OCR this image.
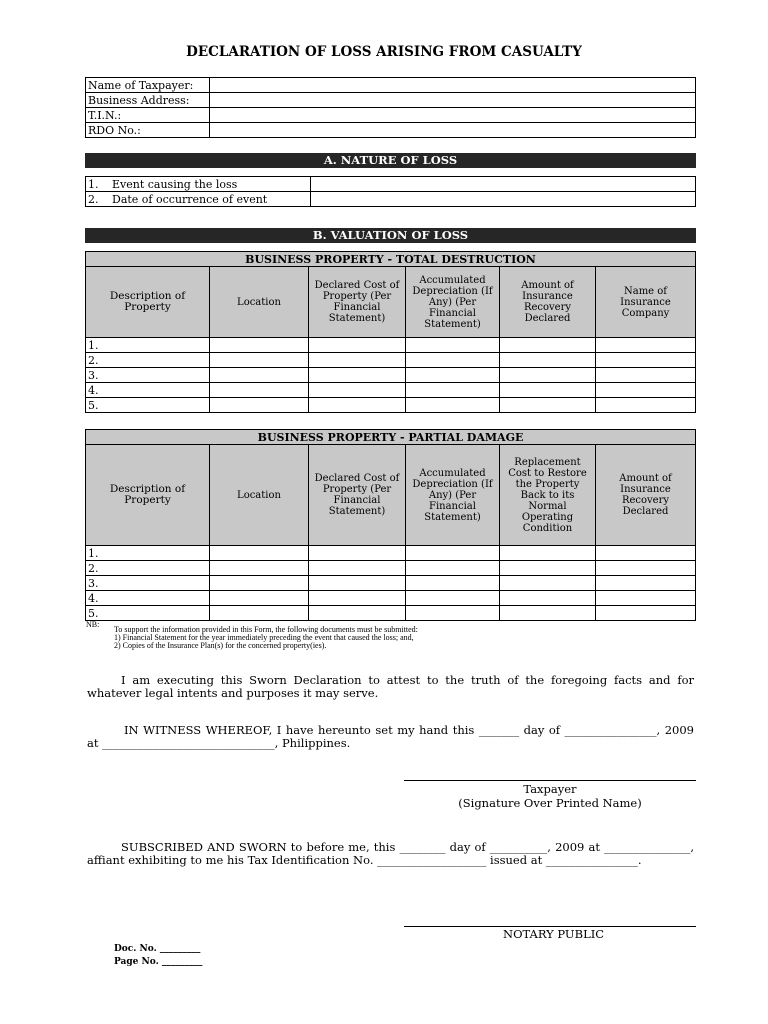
DECLARATION OF LOSS ARISING FROM CASUALTY
Name of Taxpayer:	
Business Address:	
T.I.N.:	
RDO No.:	
A. NATURE OF LOSS
1.	Event causing the loss	
2.	Date of occurrence of event	
B. VALUATION OF LOSS
BUSINESS PROPERTY - TOTAL DESTRUCTION					
Description of Property	Location	Declared Cost of Property (Per Financial Statement)	Accumulated Depreciation (If Any) (Per Financial Statement)	Amount of Insurance Recovery Declared	Name of Insurance Company
1.					
2.					
3.					
4.					
5.					
BUSINESS PROPERTY - PARTIAL DAMAGE					
Description of Property	Location	Declared Cost of Property (Per Financial Statement)	Accumulated Depreciation (If Any) (Per Financial Statement)	Replacement Cost to Restore the Property Back to its Normal Operating Condition	Amount of Insurance Recovery Declared
1.					
2.					
3.					
4.					
5.					
NB:
To support the information provided in this Form, the following documents must be submitted:
1) Financial Statement for the year immediately preceding the event that caused the loss; and,
2) Copies of the Insurance Plan(s) for the concerned property(ies).
I am executing this Sworn Declaration to attest to the truth of the foregoing facts and for whatever legal intents and purposes it may serve.
IN WITNESS WHEREOF, I have hereunto set my hand this _______ day of ________________, 2009 at ______________________________, Philippines.
Taxpayer
(Signature Over Printed Name)
SUBSCRIBED AND SWORN to before me, this ________ day of __________, 2009 at _______________, affiant exhibiting to me his Tax Identification No. ___________________ issued at ________________.
NOTARY PUBLIC
Doc. No. _________
Page No. _________
